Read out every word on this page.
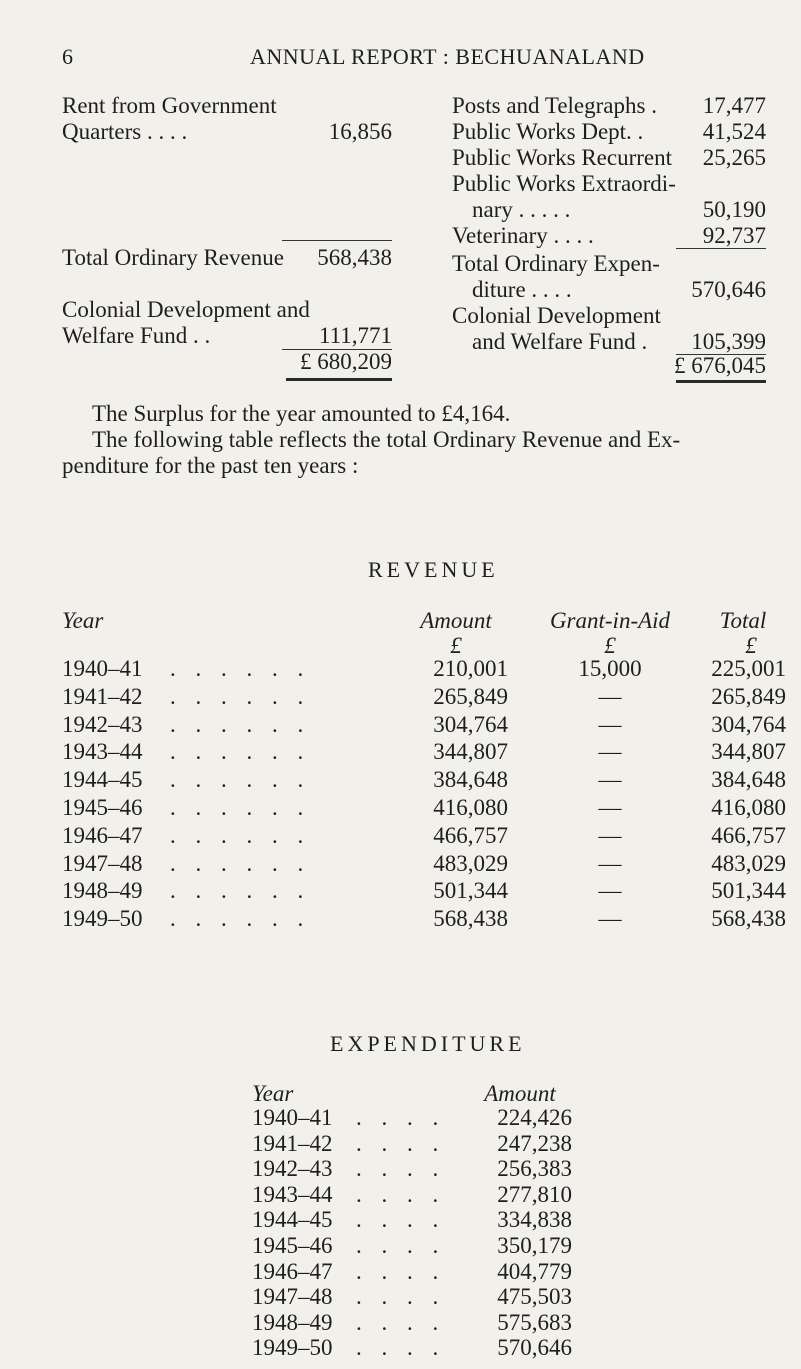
6	ANNUAL REPORT : BECHUANALAND
Rent from Government
Quarters . . . .	16,856
Total Ordinary Revenue	568,438
Colonial Development and
Welfare Fund . .	111,771
£ 680,209
Posts and Telegraphs .	17,477
Public Works Dept. .	41,524
Public Works Recurrent	25,265
Public Works Extraordi-
nary . . . . .	50,190
Veterinary . . . .	92,737
Total Ordinary Expen-
diture . . . .	570,646
Colonial Development
and Welfare Fund .	105,399
£ 676,045
The Surplus for the year amounted to £4,164.
The following table reflects the total Ordinary Revenue and Ex-
penditure for the past ten years :
REVENUE
Year	Amount	Grant-in-Aid	Total
£	£	£
1940–41 . . . . . .	210,001	15,000	225,001
1941–42 . . . . . .	265,849	—	265,849
1942–43 . . . . . .	304,764	—	304,764
1943–44 . . . . . .	344,807	—	344,807
1944–45 . . . . . .	384,648	—	384,648
1945–46 . . . . . .	416,080	—	416,080
1946–47 . . . . . .	466,757	—	466,757
1947–48 . . . . . .	483,029	—	483,029
1948–49 . . . . . .	501,344	—	501,344
1949–50 . . . . . .	568,438	—	568,438
EXPENDITURE
Year	Amount
1940–41 . . . .	224,426
1941–42 . . . .	247,238
1942–43 . . . .	256,383
1943–44 . . . .	277,810
1944–45 . . . .	334,838
1945–46 . . . .	350,179
1946–47 . . . .	404,779
1947–48 . . . .	475,503
1948–49 . . . .	575,683
1949–50 . . . .	570,646
